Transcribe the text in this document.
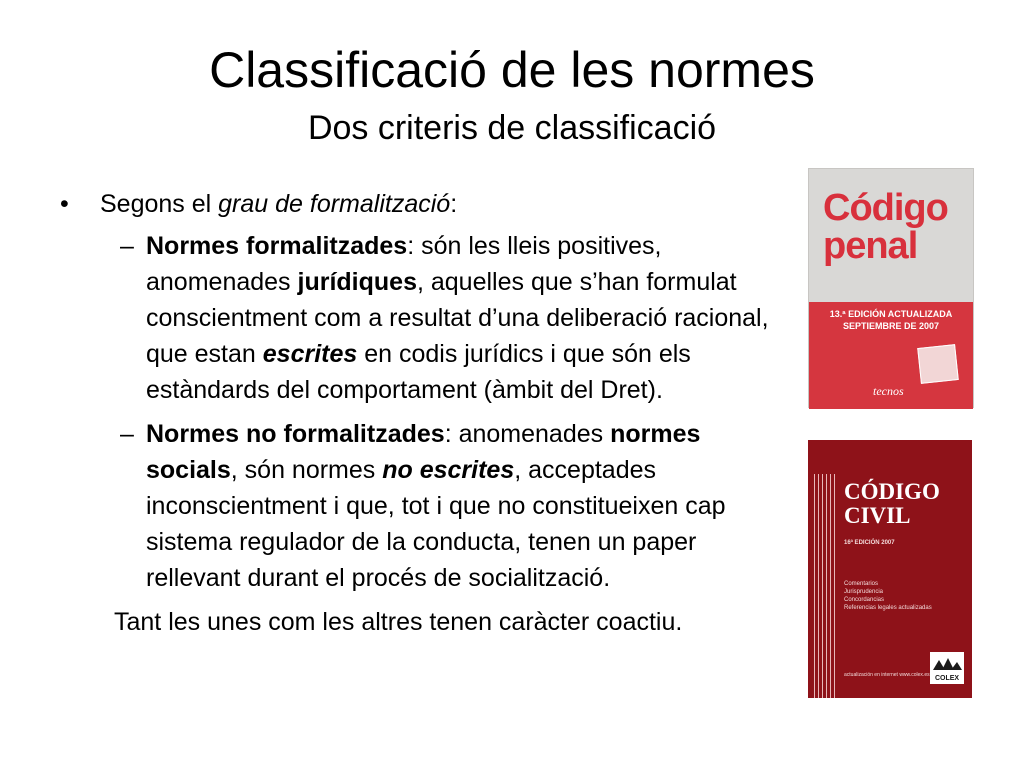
Classificació de les normes
Dos criteris de classificació
•	Segons el grau de formalització:
– Normes formalitzades: són les lleis positives, anomenades jurídiques, aquelles que s’han formulat conscientment com a resultat d’una deliberació racional, que estan escrites en codis jurídics i que són els estàndards del comportament (àmbit del Dret).
– Normes no formalitzades: anomenades normes socials, són normes no escrites, acceptades inconscientment i que, tot i que no constitueixen cap sistema regulador de la conducta, tenen un paper rellevant durant el procés de socialització.
Tant les unes com les altres tenen caràcter coactiu.
Código penal
13.ª EDICIÓN ACTUALIZADA SEPTIEMBRE DE 2007
tecnos
CÓDIGO CIVIL
16ª EDICIÓN 2007
Comentarios
Jurisprudencia
Concordancias
Referencias legales actualizadas
actualización en internet www.colex.es COLEX
